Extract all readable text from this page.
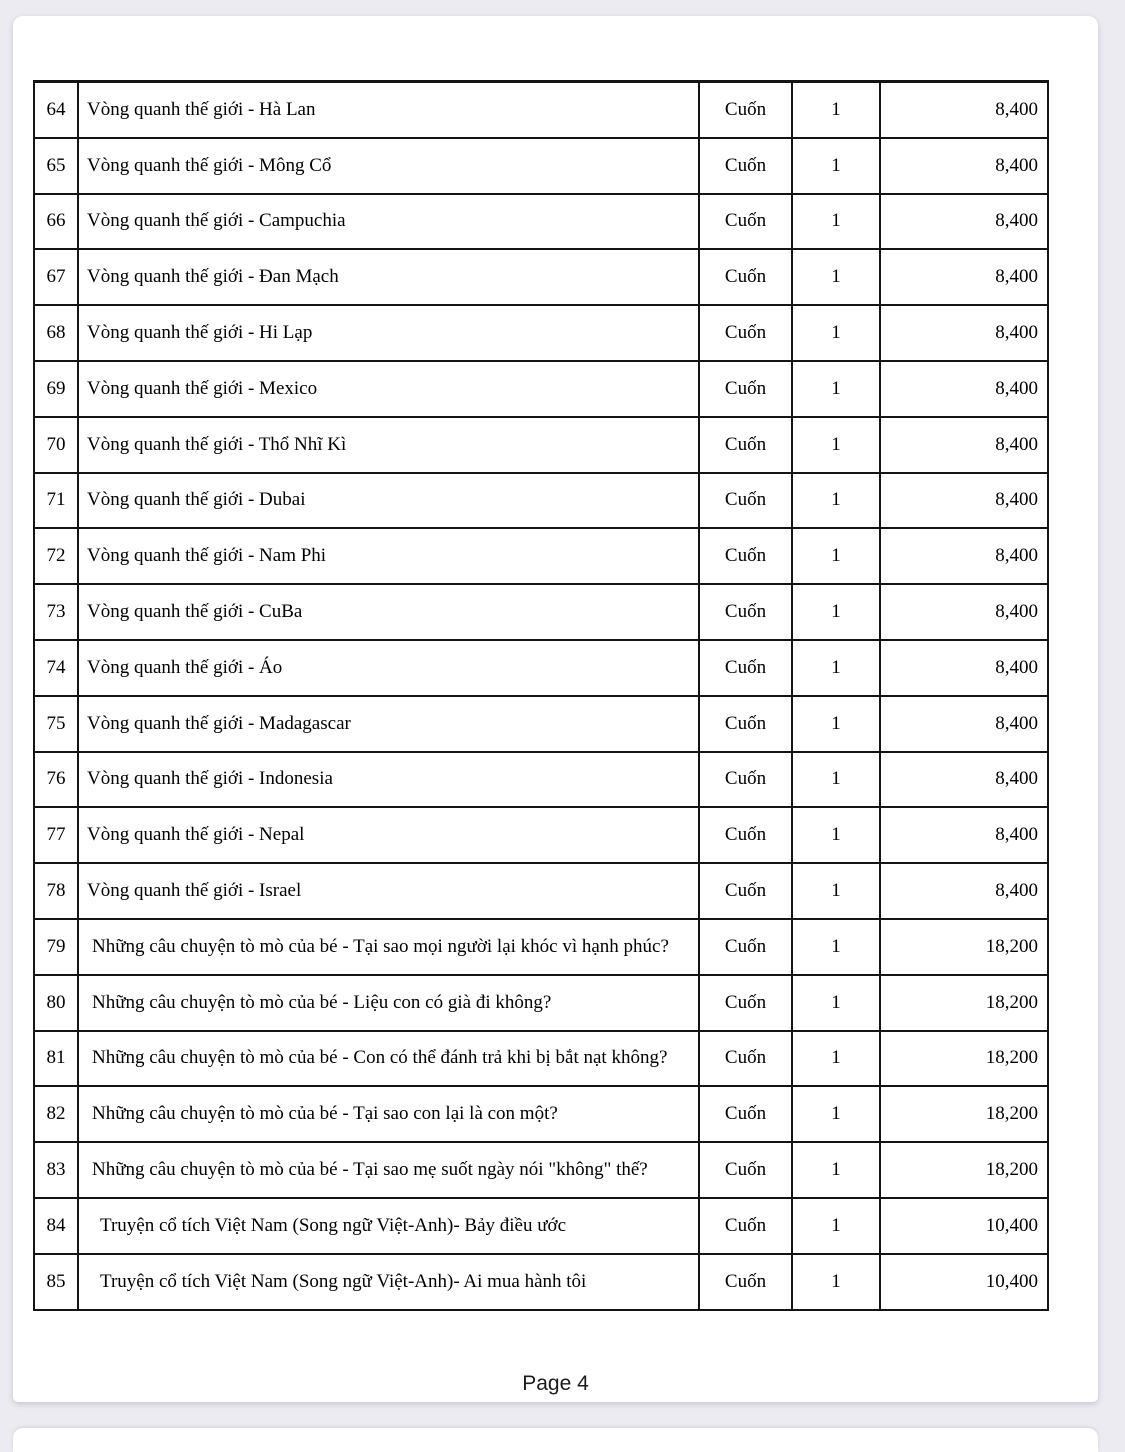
64	Vòng quanh thế giới - Hà Lan	Cuốn	1	8,400
65	Vòng quanh thế giới - Mông Cổ	Cuốn	1	8,400
66	Vòng quanh thế giới - Campuchia	Cuốn	1	8,400
67	Vòng quanh thế giới - Đan Mạch	Cuốn	1	8,400
68	Vòng quanh thế giới - Hi Lạp	Cuốn	1	8,400
69	Vòng quanh thế giới - Mexico	Cuốn	1	8,400
70	Vòng quanh thế giới - Thổ Nhĩ Kì	Cuốn	1	8,400
71	Vòng quanh thế giới - Dubai	Cuốn	1	8,400
72	Vòng quanh thế giới - Nam Phi	Cuốn	1	8,400
73	Vòng quanh thế giới - CuBa	Cuốn	1	8,400
74	Vòng quanh thế giới - Áo	Cuốn	1	8,400
75	Vòng quanh thế giới - Madagascar	Cuốn	1	8,400
76	Vòng quanh thế giới - Indonesia	Cuốn	1	8,400
77	Vòng quanh thế giới - Nepal	Cuốn	1	8,400
78	Vòng quanh thế giới - Israel	Cuốn	1	8,400
79	Những câu chuyện tò mò của bé - Tại sao mọi người lại khóc vì hạnh phúc?	Cuốn	1	18,200
80	Những câu chuyện tò mò của bé - Liệu con có già đi không?	Cuốn	1	18,200
81	Những câu chuyện tò mò của bé - Con có thể đánh trả khi bị bắt nạt không?	Cuốn	1	18,200
82	Những câu chuyện tò mò của bé - Tại sao con lại là con một?	Cuốn	1	18,200
83	Những câu chuyện tò mò của bé - Tại sao mẹ suốt ngày nói "không" thế?	Cuốn	1	18,200
84	Truyện cổ tích Việt Nam (Song ngữ Việt-Anh)- Bảy điều ước	Cuốn	1	10,400
85	Truyện cổ tích Việt Nam (Song ngữ Việt-Anh)- Ai mua hành tôi	Cuốn	1	10,400
Page 4
